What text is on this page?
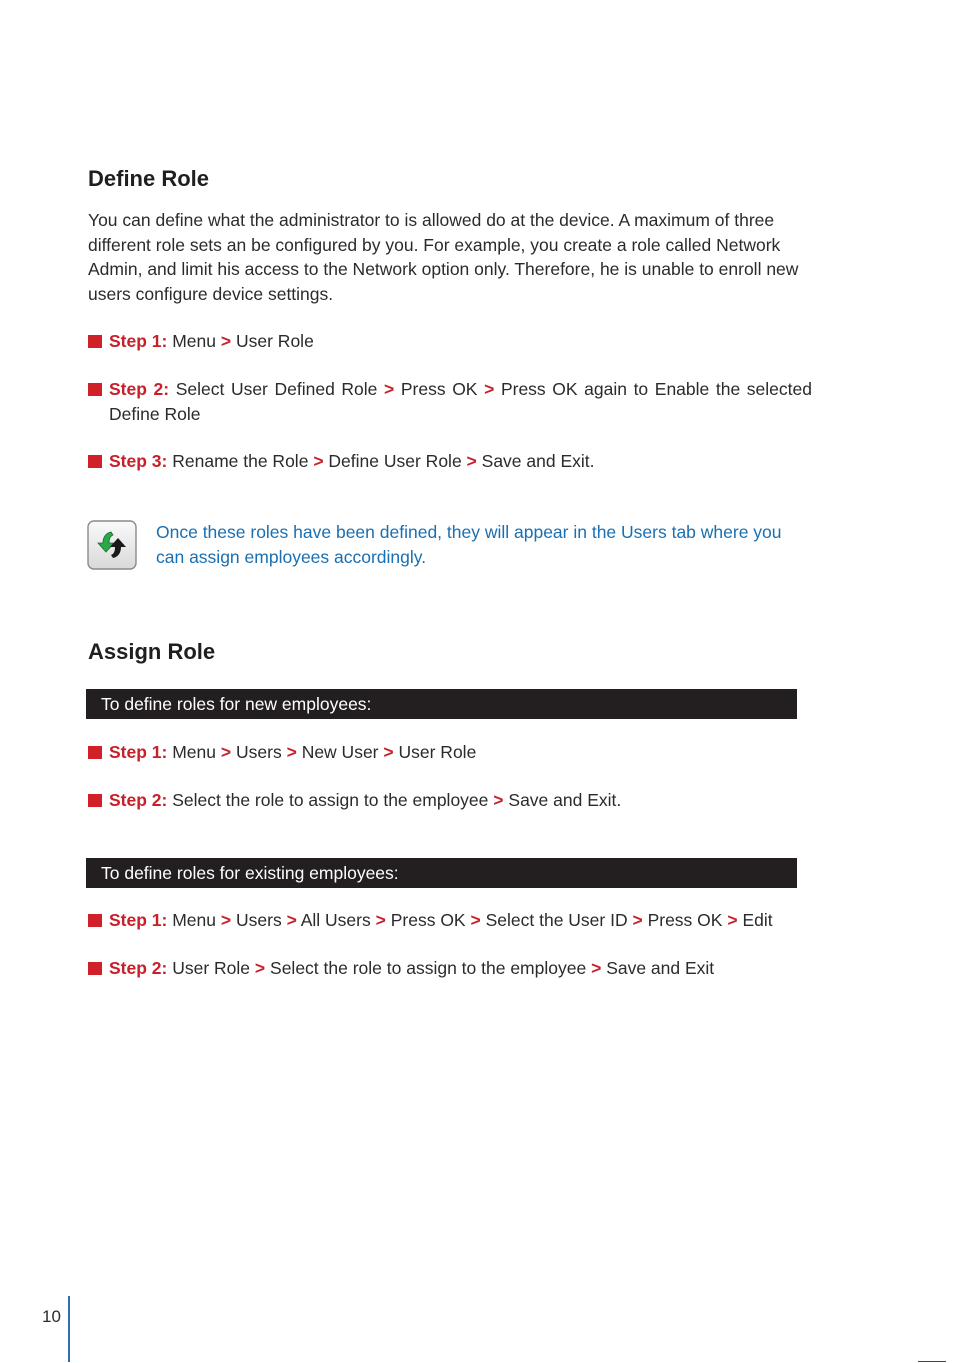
Define Role

You can define what the administrator to is allowed do at the device. A maximum of three different role sets an be configured by you. For example, you create a role called Network Admin, and limit his access to the Network option only. Therefore, he is unable to enroll new users configure device settings.

Step 1: Menu > User Role
Step 2: Select User Defined Role > Press OK > Press OK again to Enable the selected Define Role
Step 3: Rename the Role > Define User Role > Save and Exit.

Once these roles have been defined, they will appear in the Users tab where you can assign employees accordingly.

Assign Role
To define roles for new employees:
Step 1: Menu > Users > New User > User Role
Step 2: Select the role to assign to the employee > Save and Exit.
To define roles for existing employees:
Step 1: Menu > Users > All Users > Press OK > Select the User ID > Press OK > Edit
Step 2: User Role > Select the role to assign to the employee > Save and Exit
10
